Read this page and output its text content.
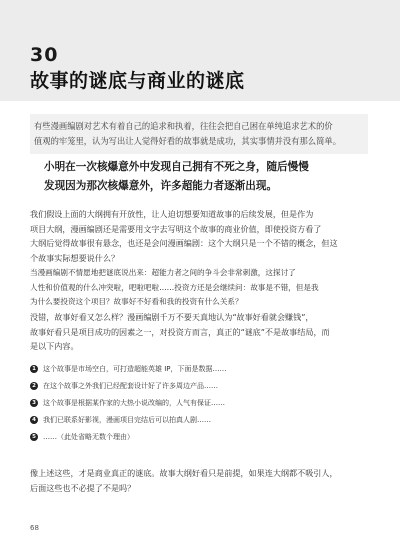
30
故事的谜底与商业的谜底
有些漫画编剧对艺术有着自己的追求和执着，往往会把自己困在单纯追求艺术的价
值观的牢笼里，认为写出让人觉得好看的故事就是成功，其实事情并没有那么简单。
小明在一次核爆意外中发现自己拥有不死之身，随后慢慢
发现因为那次核爆意外，许多超能力者逐渐出现。
我们假设上面的大纲拥有开放性，让人迫切想要知道故事的后续发展，但是作为
项目大纲，漫画编剧还是需要用文字去写明这个故事的商业价值，即使投资方看了
大纲后觉得故事很有悬念，也还是会问漫画编剧：这个大纲只是一个不错的概念，但这
个故事实际想要说什么？
当漫画编剧不情愿地把谜底说出来：超能力者之间的争斗会非常刺激，这探讨了
人性和价值观的什么冲突啦，吧啦吧啦……投资方还是会继续问：故事是不错，但是我
为什么要投资这个项目？故事好不好看和我的投资有什么关系？
没错，故事好看又怎么样？漫画编剧千万不要天真地认为“故事好看就会赚钱”，
故事好看只是项目成功的因素之一，对投资方而言，真正的“谜底”不是故事结局，而
是以下内容。
1 这个故事是市场空白，可打造超能英雄 IP，下面是数据……
2 在这个故事之外我们已经配套设计好了许多周边产品……
3 这个故事是根据某作家的大热小说改编的，人气有保证……
4 我们已联系好影视，漫画项目完结后可以拍真人剧……
5 ……（此处省略无数个理由）
像上述这些，才是商业真正的谜底。故事大纲好看只是前提，如果连大纲都不吸引人，
后面这些也不必提了不是吗？
68
